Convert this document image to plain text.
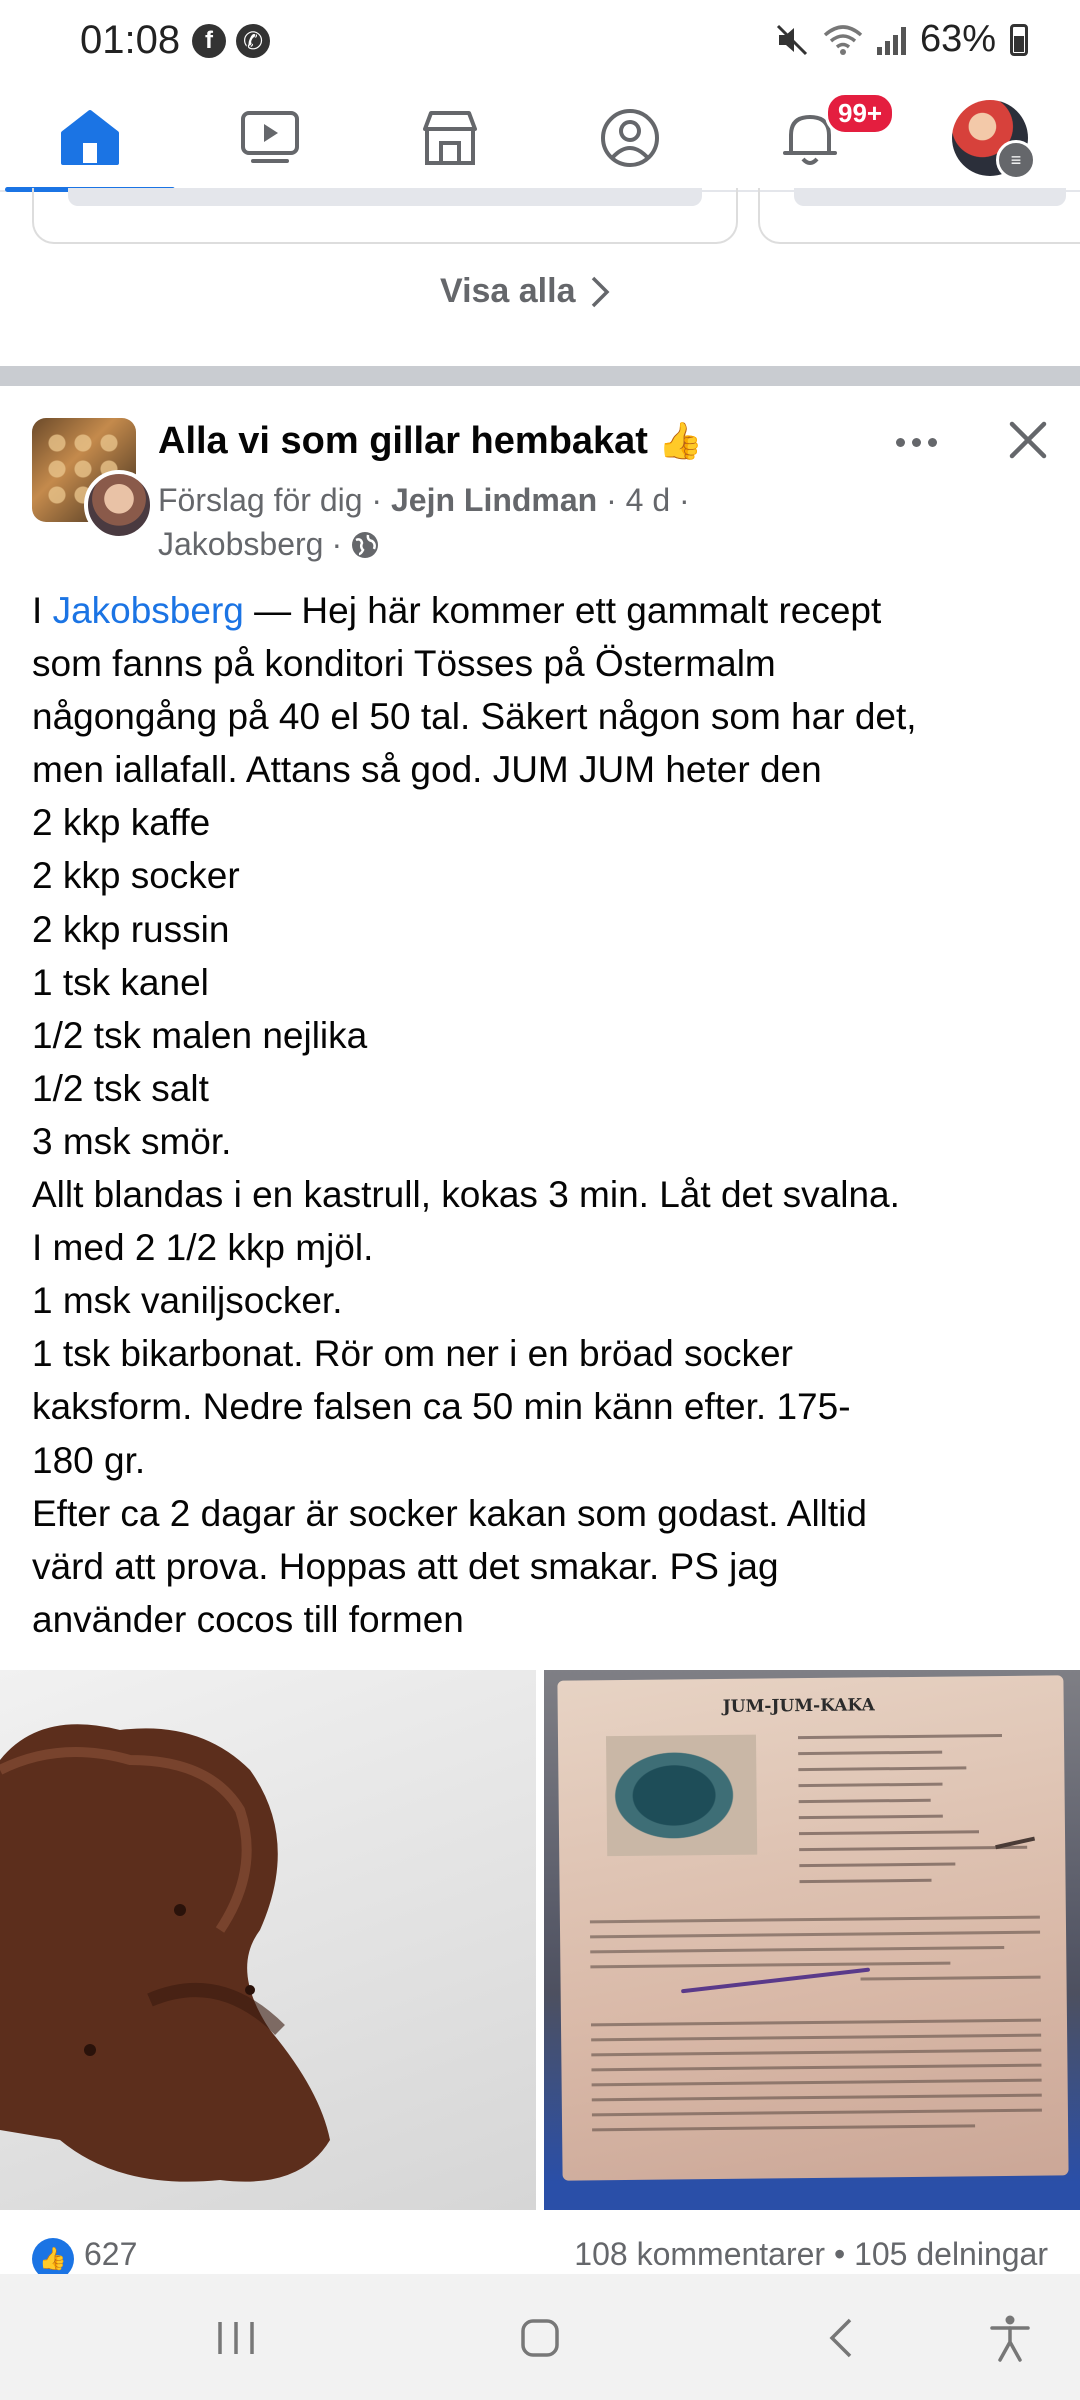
01:08	f	✆	63%
99+
≡
Visa alla
Alla vi som gillar hembakat 👍
Förslag för dig · Jejn Lindman · 4 d ·
Jakobsberg ·

I Jakobsberg — Hej här kommer ett gammalt recept

som fanns på konditori Tösses på Östermalm

någongång på 40 el 50 tal. Säkert någon som har det,

men iallafall. Attans så god. JUM JUM heter den

2 kkp kaffe

2 kkp socker

2 kkp russin

1 tsk kanel

1/2 tsk malen nejlika

1/2 tsk salt

3 msk smör.

Allt blandas i en kastrull, kokas 3 min. Låt det svalna.

I med 2 1/2 kkp mjöl.

1 msk vaniljsocker.

1 tsk bikarbonat. Rör om ner i en bröad socker

kaksform. Nedre falsen ca 50 min känn efter. 175-

180 gr.

Efter ca 2 dagar är socker kakan som godast. Alltid

värd att prova. Hoppas att det smakar. PS jag

använder cocos till formen

JUM-JUM-KAKA
👍 627	108 kommentarer • 105 delningar
